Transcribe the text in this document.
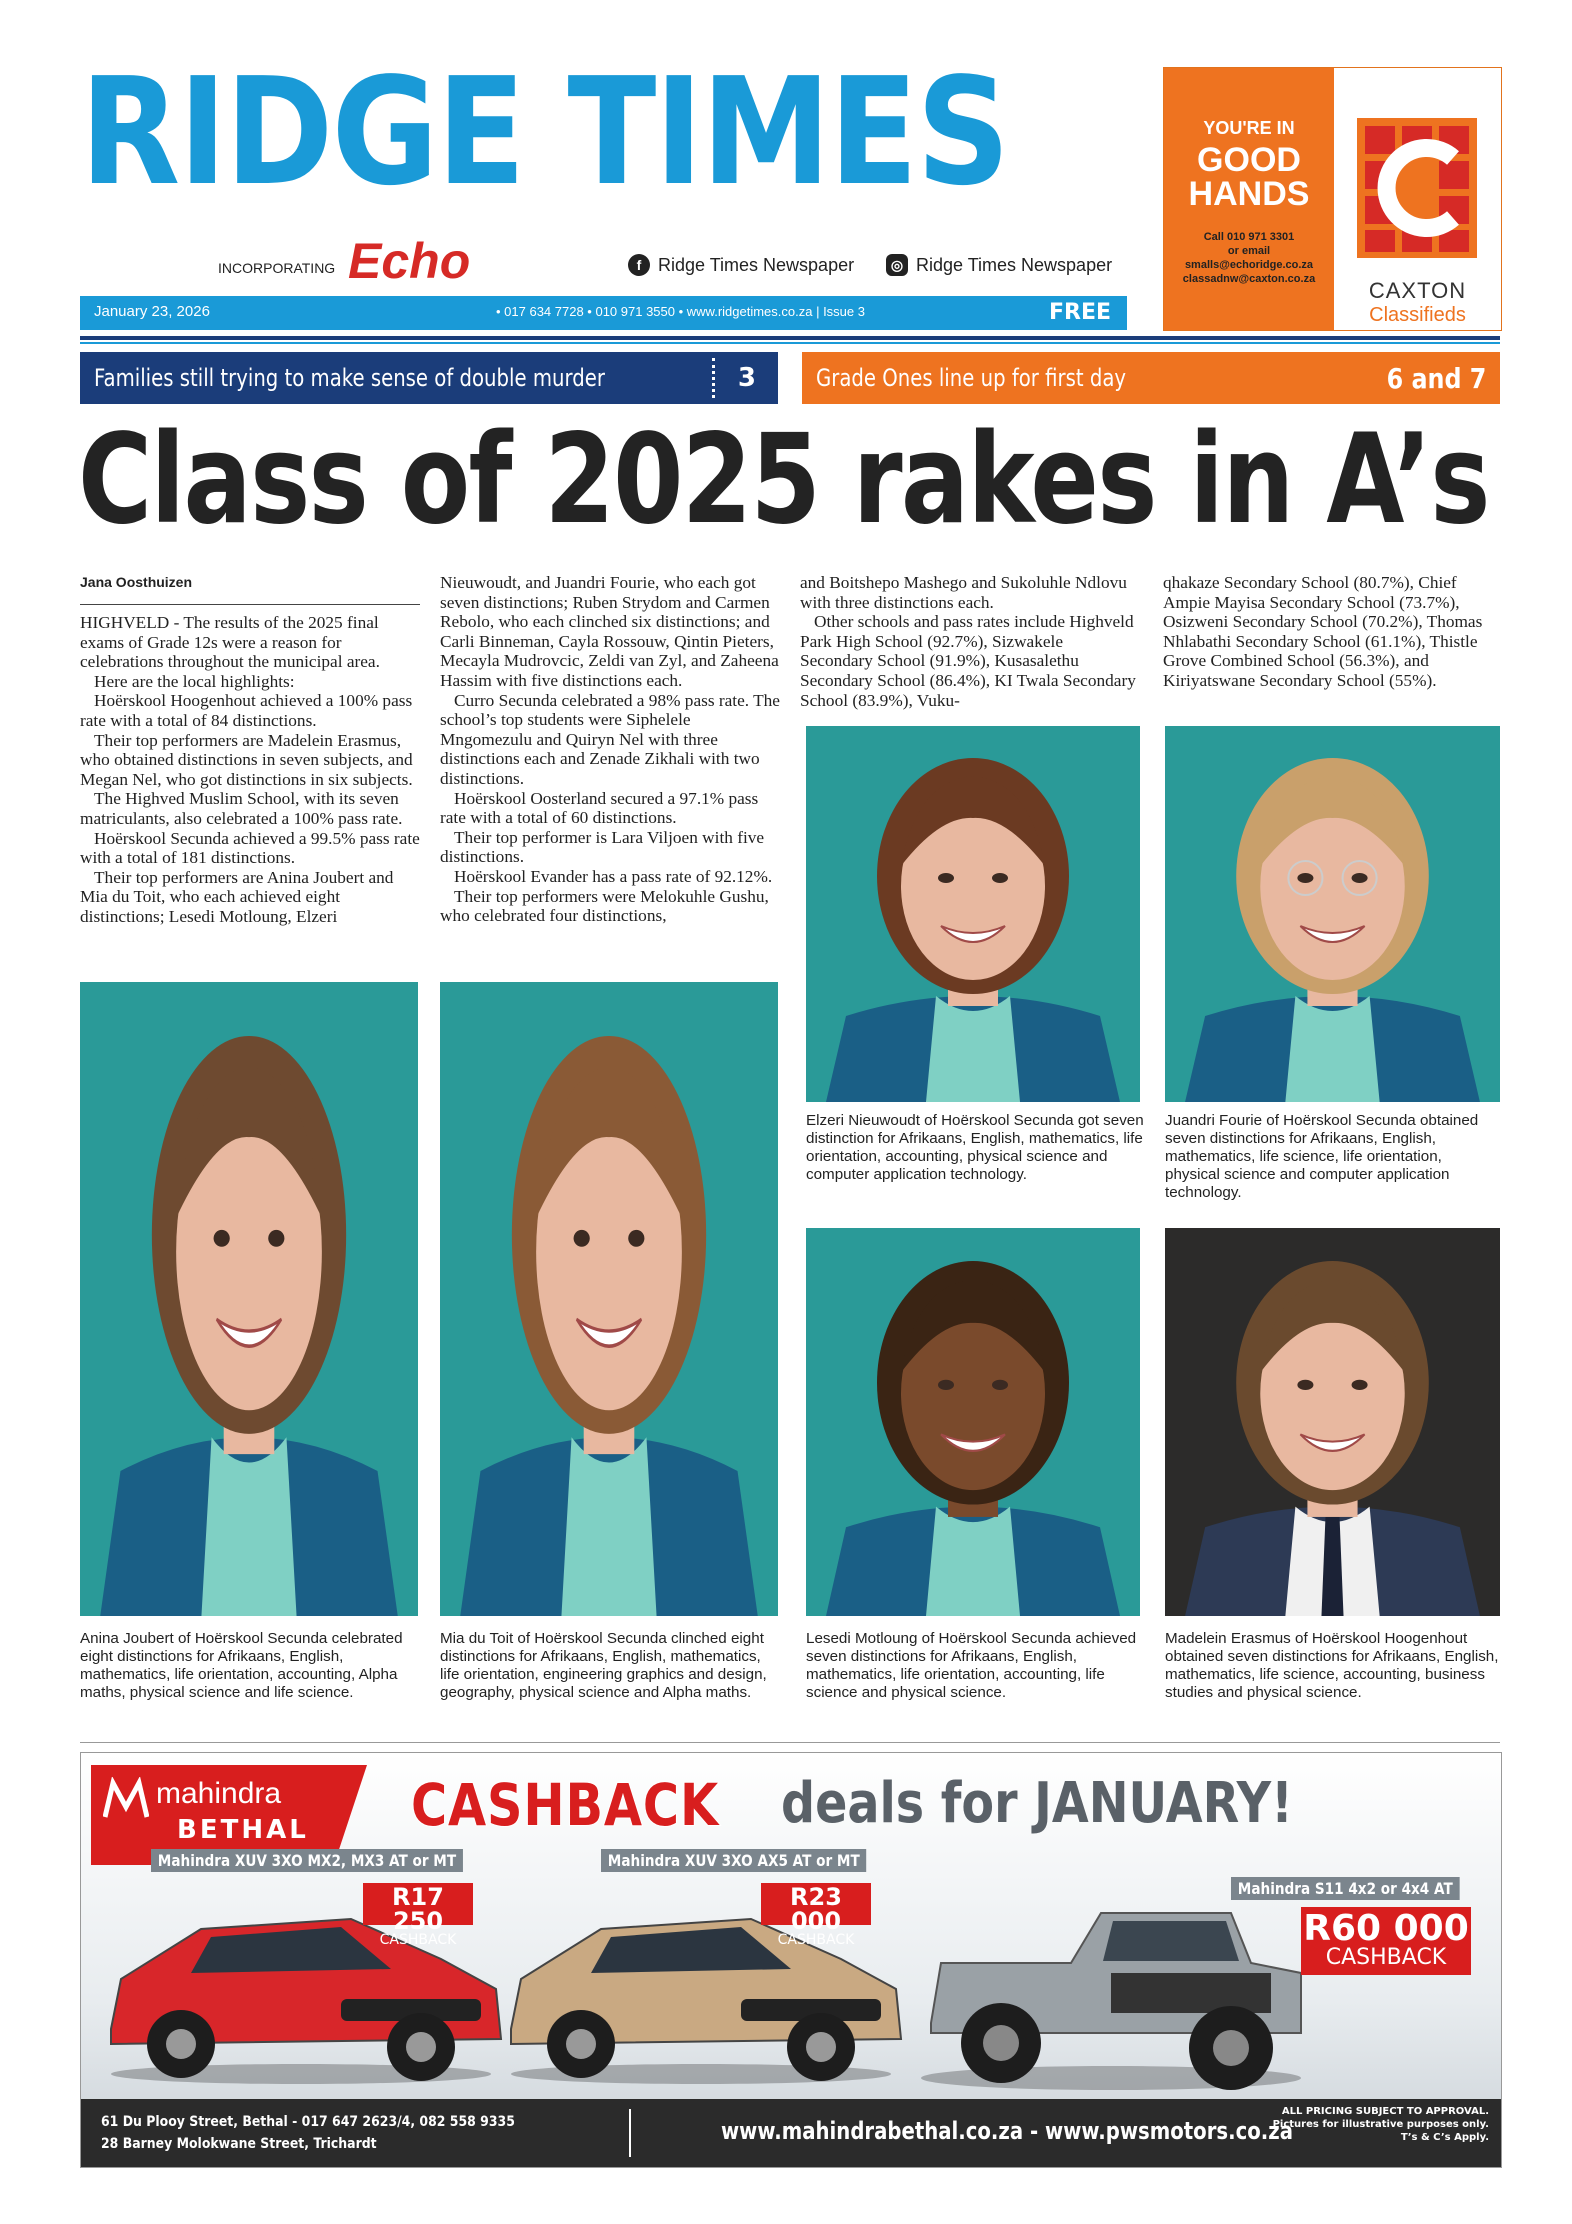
RIDGE TIMES
INCORPORATING Echo	f Ridge Times Newspaper	◎ Ridge Times Newspaper
January 23, 2026	• 017 634 7728 • 010 971 3550 • www.ridgetimes.co.za | Issue 3	FREE
YOU'RE IN
GOOD
HANDS
Call 010 971 3301
or email
smalls@echoridge.co.za
classadnw@caxton.co.za	CAXTON
Classifieds
Families still trying to make sense of double murder	3	Grade Ones line up for first day	6 and 7
Class of 2025 rakes in A’s
Jana Oosthuizen

HIGHVELD - The results of the 2025 final exams of Grade 12s were a reason for celebrations throughout the municipal area.

Here are the local highlights:

Hoërskool Hoogenhout achieved a 100% pass rate with a total of 84 distinctions.

Their top performers are Madelein Erasmus, who obtained distinctions in seven subjects, and Megan Nel, who got distinctions in six subjects.

The Highved Muslim School, with its seven matriculants, also celebrated a 100% pass rate.

Hoërskool Secunda achieved a 99.5% pass rate with a total of 181 distinctions.

Their top performers are Anina Joubert and Mia du Toit, who each achieved eight distinctions; Lesedi Motloung, Elzeri

Nieuwoudt, and Juandri Fourie, who each got seven distinctions; Ruben Strydom and Carmen Rebolo, who each clinched six distinctions; and Carli Binneman, Cayla Rossouw, Qintin Pieters, Mecayla Mudrovcic, Zeldi van Zyl, and Zaheena Hassim with five distinctions each.

Curro Secunda celebrated a 98% pass rate. The school’s top students were Siphelele Mngomezulu and Quiryn Nel with three distinctions each and Zenade Zikhali with two distinctions.

Hoërskool Oosterland secured a 97.1% pass rate with a total of 60 distinctions.

Their top performer is Lara Viljoen with five distinctions.

Hoërskool Evander has a pass rate of 92.12%.

Their top performers were Melokuhle Gushu, who celebrated four distinctions,

and Boitshepo Mashego and Sukoluhle Ndlovu with three distinctions each.

Other schools and pass rates include Highveld Park High School (92.7%), Sizwakele Secondary School (91.9%), Kusasalethu Secondary School (86.4%), KI Twala Secondary School (83.9%), Vuku-

qhakaze Secondary School (80.7%), Chief Ampie Mayisa Secondary School (73.7%), Osizweni Secondary School (70.2%), Thomas Nhlabathi Secondary School (61.1%), Thistle Grove Combined School (56.3%), and Kiriyatswane Secondary School (55%).

Elzeri Nieuwoudt of Hoërskool Secunda got seven distinction for Afrikaans, English, mathematics, life orientation, accounting, physical science and computer application technology.
Juandri Fourie of Hoërskool Secunda obtained seven distinctions for Afrikaans, English, mathematics, life science, life orientation, physical science and computer application technology.
Anina Joubert of Hoërskool Secunda celebrated eight distinctions for Afrikaans, English, mathematics, life orientation, accounting, Alpha maths, physical science and life science.
Mia du Toit of Hoërskool Secunda clinched eight distinctions for Afrikaans, English, mathematics, life orientation, engineering graphics and design, geography, physical science and Alpha maths.
Lesedi Motloung of Hoërskool Secunda achieved seven distinctions for Afrikaans, English, mathematics, life orientation, accounting, life science and physical science.
Madelein Erasmus of Hoërskool Hoogenhout obtained seven distinctions for Afrikaans, English, mathematics, life science, accounting, business studies and physical science.
mahindra
BETHAL CASHBACK deals for JANUARY!
Mahindra XUV 3XO MX2, MX3 AT or MT	Mahindra XUV 3XO AX5 AT or MT
Mahindra S11 4x2 or 4x4 AT
R17 250
CASHBACK
R23 000
CASHBACK	R60 000
CASHBACK
61 Du Plooy Street, Bethal - 017 647 2623/4, 082 558 9335
28 Barney Molokwane Street, Trichardt	www.mahindrabethal.co.za - www.pwsmotors.co.za
ALL PRICING SUBJECT TO APPROVAL.
Pictures for illustrative purposes only.
T’s & C’s Apply.
